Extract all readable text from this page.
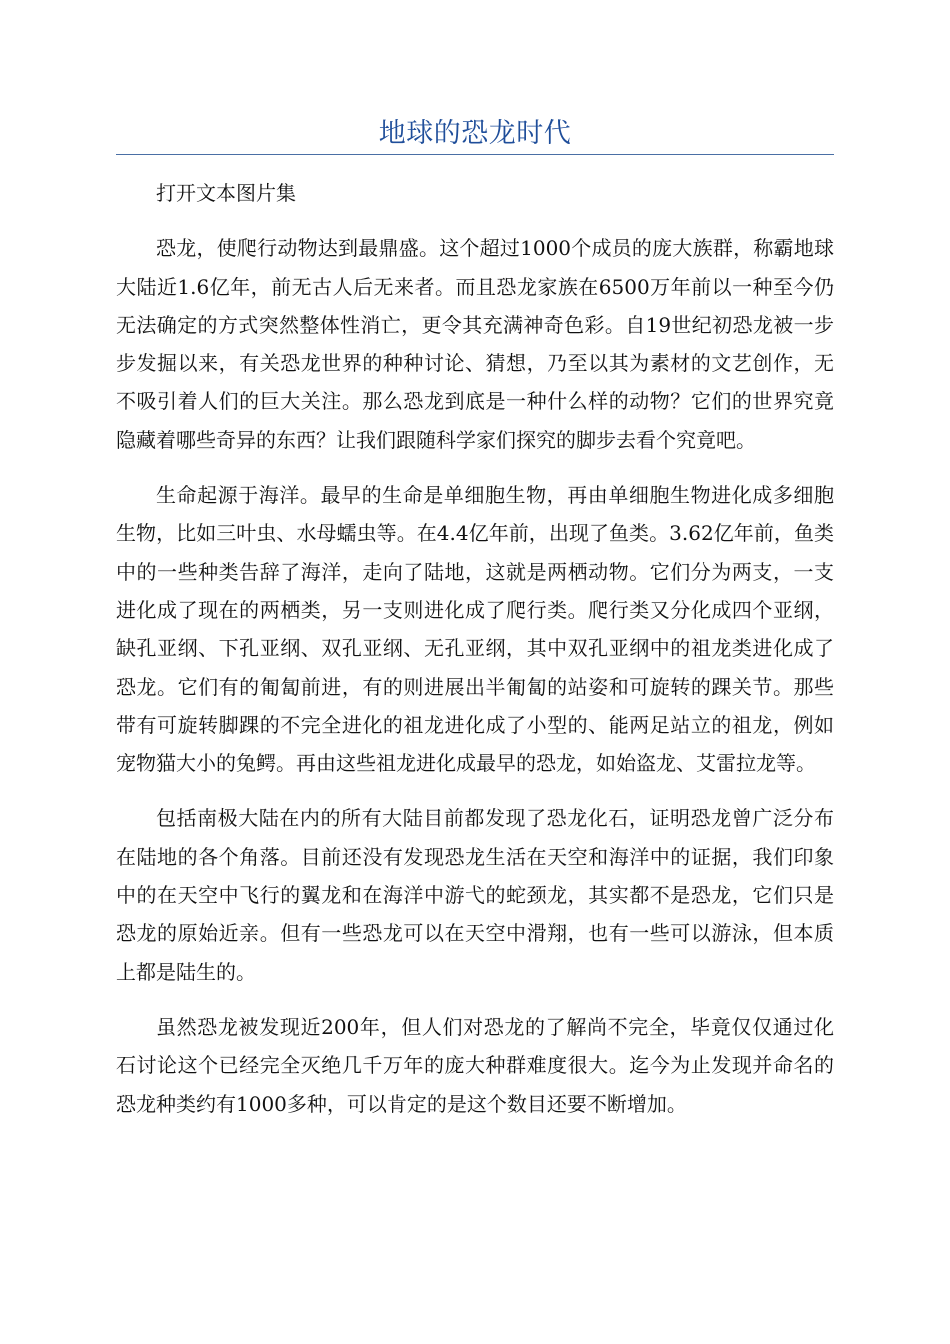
地球的恐龙时代

打开文本图片集

恐龙，使爬行动物达到最鼎盛。这个超过1000个成员的庞大族群，称霸地球大陆近1.6亿年，前无古人后无来者。而且恐龙家族在6500万年前以一种至今仍无法确定的方式突然整体性消亡，更令其充满神奇色彩。自19世纪初恐龙被一步步发掘以来，有关恐龙世界的种种讨论、猜想，乃至以其为素材的文艺创作，无不吸引着人们的巨大关注。那么恐龙到底是一种什么样的动物？它们的世界究竟隐藏着哪些奇异的东西？让我们跟随科学家们探究的脚步去看个究竟吧。

生命起源于海洋。最早的生命是单细胞生物，再由单细胞生物进化成多细胞生物，比如三叶虫、水母蠕虫等。在4.4亿年前，出现了鱼类。3.62亿年前，鱼类中的一些种类告辞了海洋，走向了陆地，这就是两栖动物。它们分为两支，一支进化成了现在的两栖类，另一支则进化成了爬行类。爬行类又分化成四个亚纲，缺孔亚纲、下孔亚纲、双孔亚纲、无孔亚纲，其中双孔亚纲中的祖龙类进化成了恐龙。它们有的匍匐前进，有的则进展出半匍匐的站姿和可旋转的踝关节。那些带有可旋转脚踝的不完全进化的祖龙进化成了小型的、能两足站立的祖龙，例如宠物猫大小的兔鳄。再由这些祖龙进化成最早的恐龙，如始盗龙、艾雷拉龙等。

包括南极大陆在内的所有大陆目前都发现了恐龙化石，证明恐龙曾广泛分布在陆地的各个角落。目前还没有发现恐龙生活在天空和海洋中的证据，我们印象中的在天空中飞行的翼龙和在海洋中游弋的蛇颈龙，其实都不是恐龙，它们只是恐龙的原始近亲。但有一些恐龙可以在天空中滑翔，也有一些可以游泳，但本质上都是陆生的。

虽然恐龙被发现近200年，但人们对恐龙的了解尚不完全，毕竟仅仅通过化石讨论这个已经完全灭绝几千万年的庞大种群难度很大。迄今为止发现并命名的恐龙种类约有1000多种，可以肯定的是这个数目还要不断增加。
